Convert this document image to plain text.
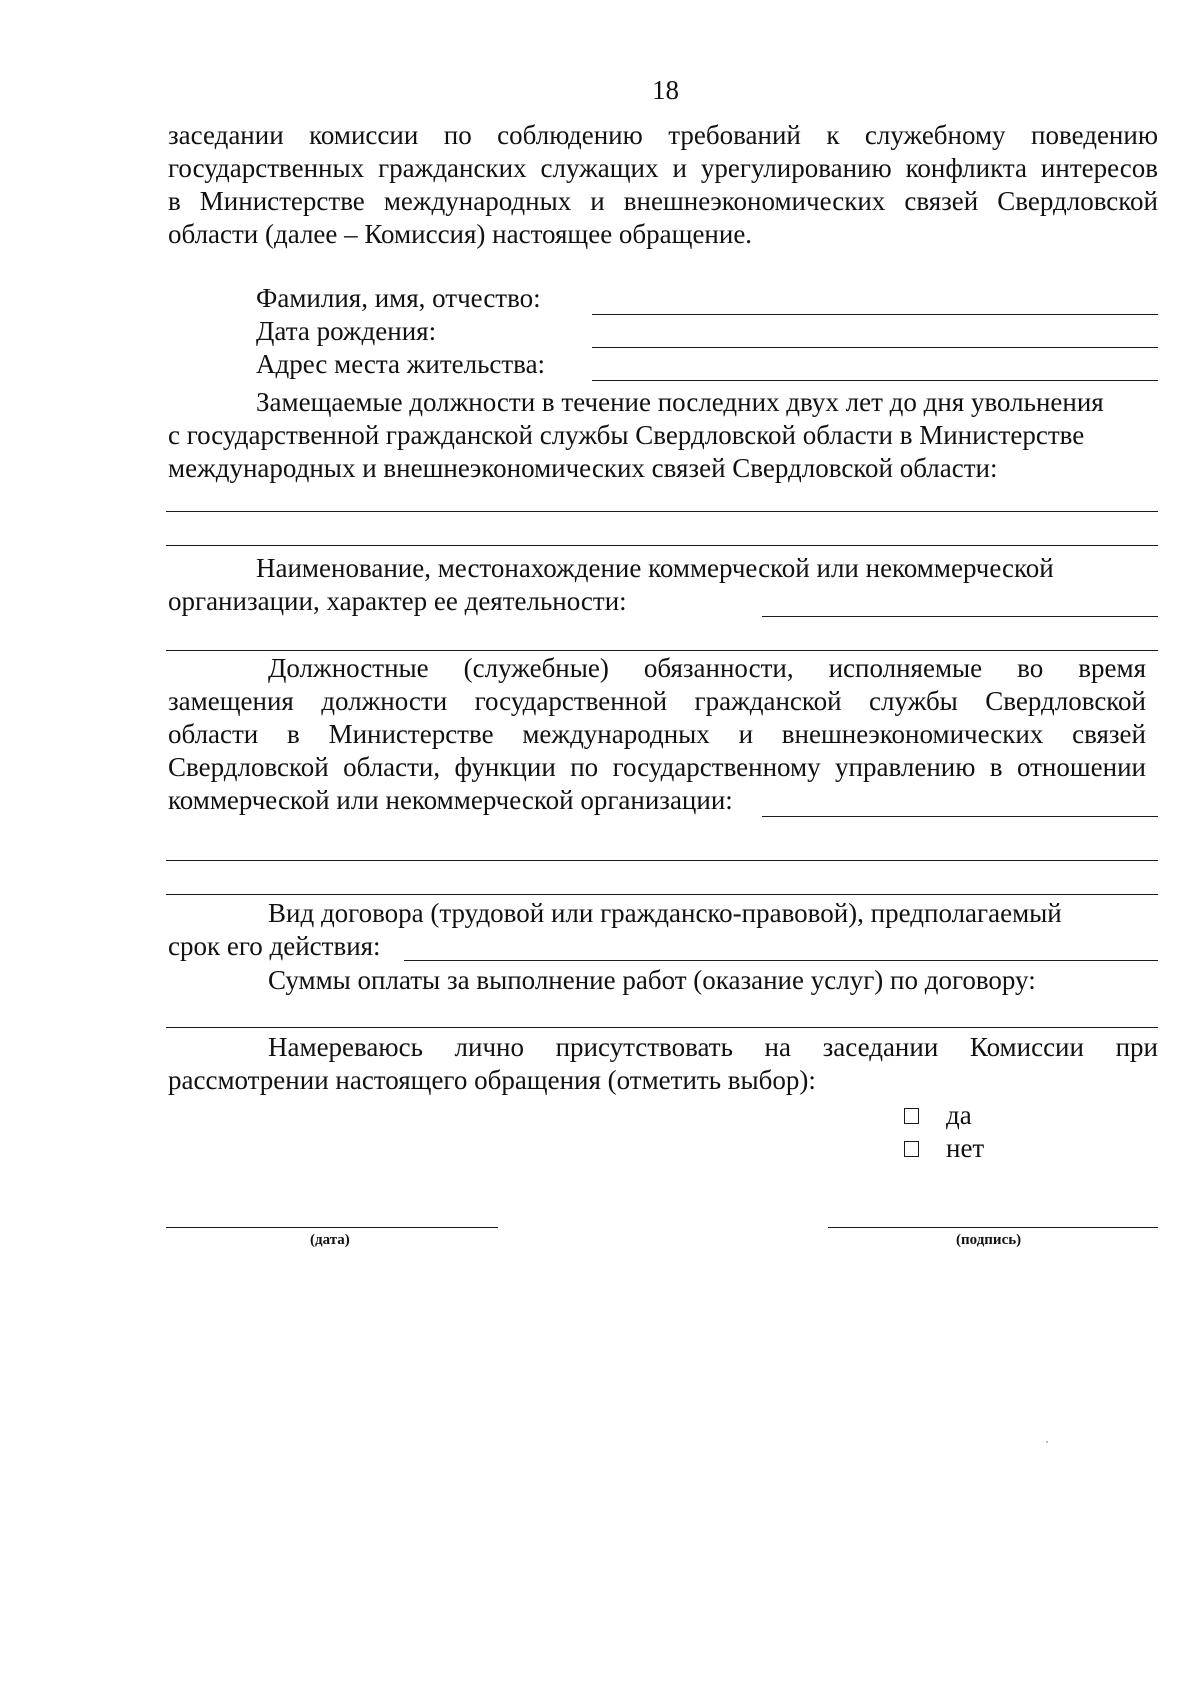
18
заседании комиссии по соблюдению требований к служебному поведению
государственных гражданских служащих и урегулированию конфликта интересов
в Министерстве международных и внешнеэкономических связей Свердловской
области (далее – Комиссия) настоящее обращение.
Фамилия, имя, отчество:
Дата рождения:
Адрес места жительства:
Замещаемые должности в течение последних двух лет до дня увольнения
с государственной гражданской службы Свердловской области в Министерстве
международных и внешнеэкономических связей Свердловской области:
Наименование, местонахождение коммерческой или некоммерческой
организации, характер ее деятельности:
Должностные (служебные) обязанности, исполняемые во время
замещения должности государственной гражданской службы Свердловской
области в Министерстве международных и внешнеэкономических связей
Свердловской области, функции по государственному управлению в отношении
коммерческой или некоммерческой организации:
Вид договора (трудовой или гражданско-правовой), предполагаемый
срок его действия:
Суммы оплаты за выполнение работ (оказание услуг) по договору:
Намереваюсь лично присутствовать на заседании Комиссии при
рассмотрении настоящего обращения (отметить выбор):
да
нет
(дата)	(подпись)
